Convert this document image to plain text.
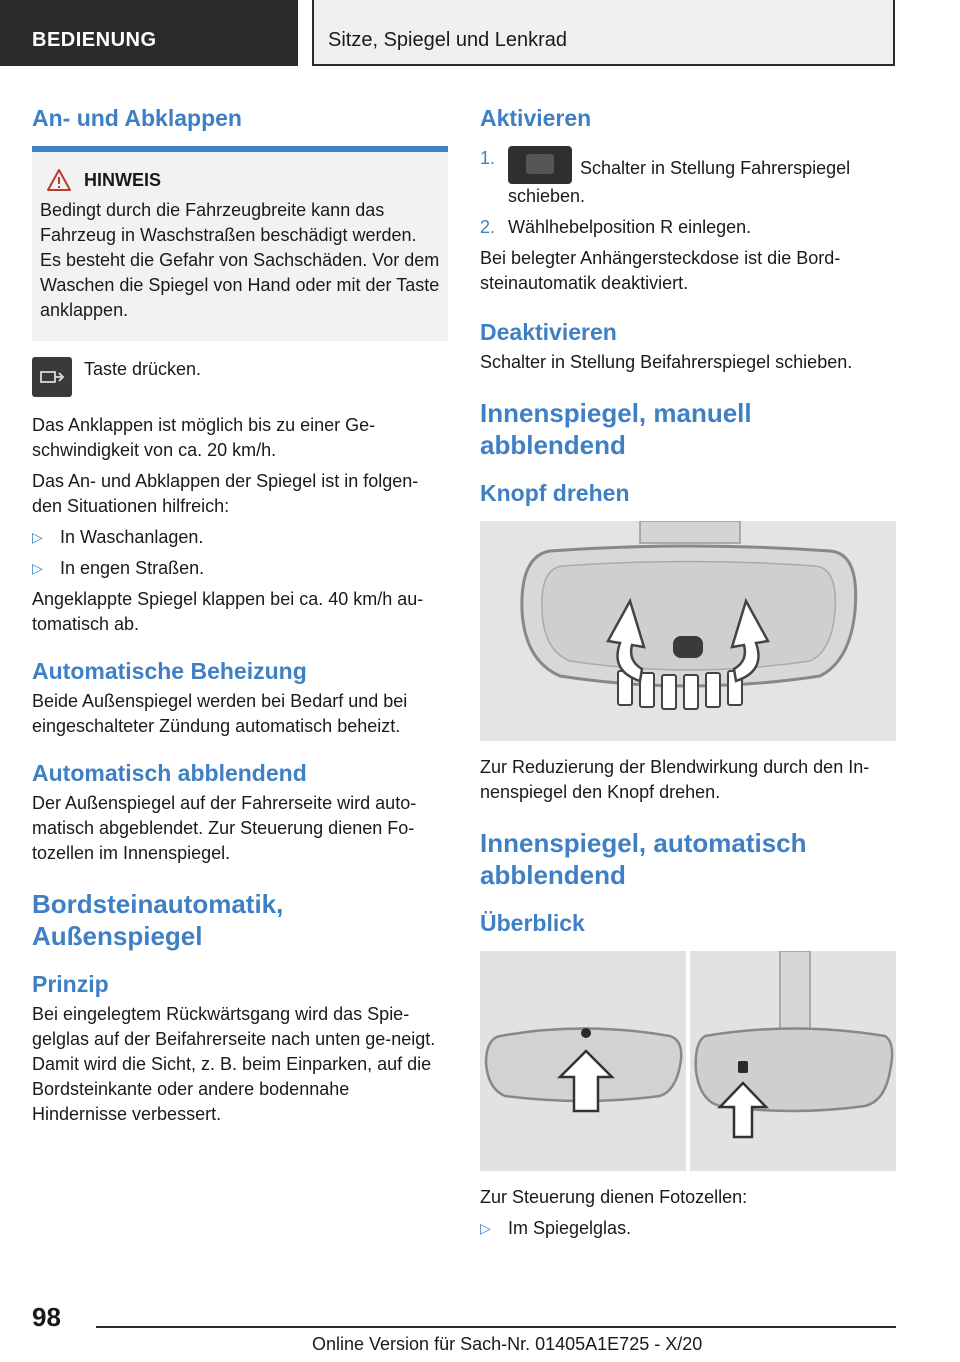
BEDIENUNG	Sitze, Spiegel und Lenkrad
An- und Abklappen
HINWEIS

Bedingt durch die Fahrzeugbreite kann das Fahrzeug in Waschstraßen beschädigt werden. Es besteht die Gefahr von Sachschäden. Vor dem Waschen die Spiegel von Hand oder mit der Taste anklappen.

Taste drücken.

Das Anklappen ist möglich bis zu einer Ge-schwindigkeit von ca. 20 km/h.

Das An- und Abklappen der Spiegel ist in folgen-den Situationen hilfreich:

▷ In Waschanlagen.
▷ In engen Straßen.

Angeklappte Spiegel klappen bei ca. 40 km/h au-tomatisch ab.

Automatische Beheizung

Beide Außenspiegel werden bei Bedarf und bei eingeschalteter Zündung automatisch beheizt.

Automatisch abblendend

Der Außenspiegel auf der Fahrerseite wird auto-matisch abgeblendet. Zur Steuerung dienen Fo-tozellen im Innenspiegel.

Bordsteinautomatik, Außenspiegel
Prinzip

Bei eingelegtem Rückwärtsgang wird das Spie-gelglas auf der Beifahrerseite nach unten ge-neigt. Damit wird die Sicht, z. B. beim Einparken, auf die Bordsteinkante oder andere bodennahe Hindernisse verbessert.

Aktivieren
1.	Schalter in Stellung Fahrerspiegel schieben.
2. Wählhebelposition R einlegen.

Bei belegter Anhängersteckdose ist die Bord-steinautomatik deaktiviert.

Deaktivieren

Schalter in Stellung Beifahrerspiegel schieben.

Innenspiegel, manuell abblendend
Knopf drehen

Zur Reduzierung der Blendwirkung durch den In-nenspiegel den Knopf drehen.

Innenspiegel, automatisch abblendend
Überblick

Zur Steuerung dienen Fotozellen:

▷ Im Spiegelglas.
98
Online Version für Sach-Nr. 01405A1E725 - X/20
